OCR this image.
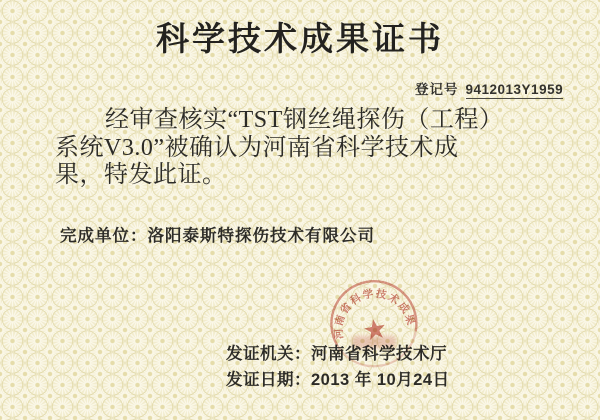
科学技术成果证书
登记号 9412013Y1959
经审查核实“TST钢丝绳探伤（工程）
系统V3.0”被确认为河南省科学技术成
果，特发此证。
完成单位：洛阳泰斯特探伤技术有限公司
发证机关：河南省科学技术厅
发证日期：2013 年 10月24日
河南省科学技术成果
